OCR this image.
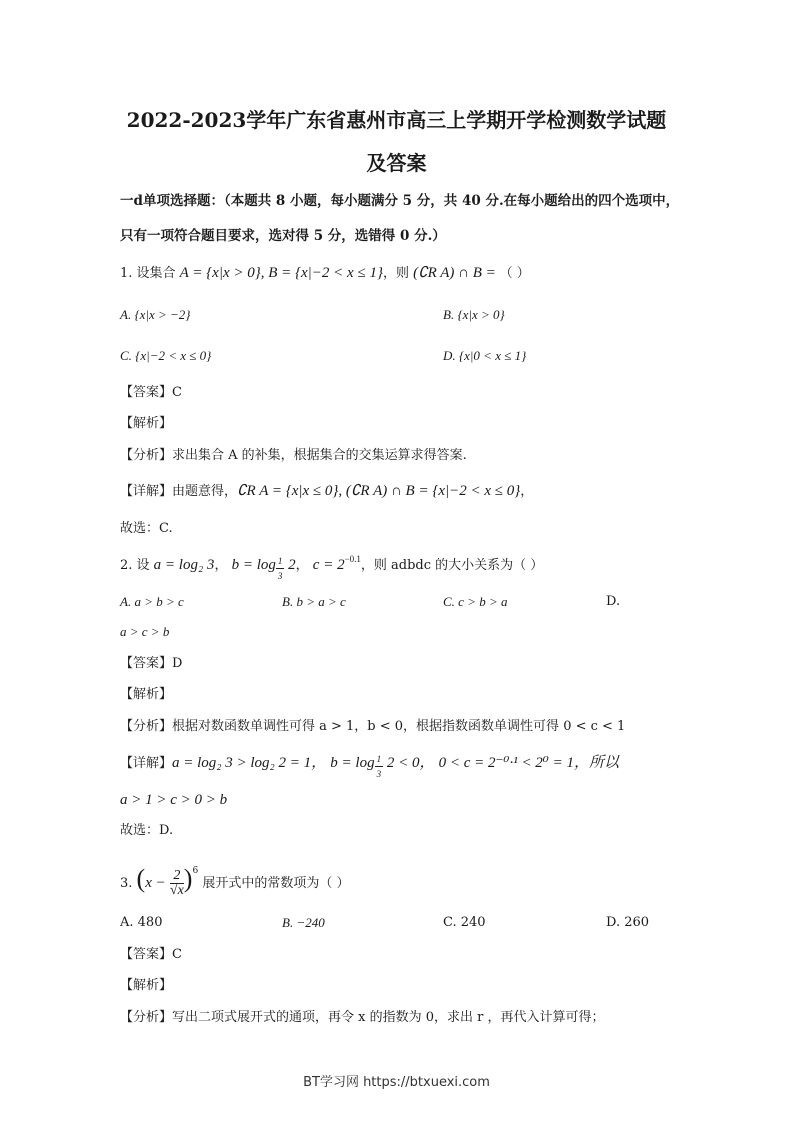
2022-2023学年广东省惠州市高三上学期开学检测数学试题
及答案
一d单项选择题：（本题共 8 小题，每小题满分 5 分，共 40 分.在每小题给出的四个选项中，
只有一项符合题目要求，选对得 5 分，选错得 0 分.）
1. 设集合 A = {x|x > 0}, B = {x|−2 < x ≤ 1}，则 (∁R A) ∩ B = （ ）
A. {x|x > −2}	B. {x|x > 0}
C. {x|−2 < x ≤ 0}	D. {x|0 < x ≤ 1}
【答案】C
【解析】
【分析】求出集合 A 的补集，根据集合的交集运算求得答案.
【详解】由题意得，∁R A = {x|x ≤ 0}, (∁R A) ∩ B = {x|−2 < x ≤ 0}，
故选：C.
2. 设 a = log₂ 3， $b = \log \frac{1}{3} 2$， $c = 2^{-0.1}$，则 adbdc 的大小关系为（ ）
A. a > b > c	B. b > a > c	C. c > b > a	D.
a > c > b
【答案】D
【解析】
【分析】根据对数函数单调性可得 a > 1，b < 0，根据指数函数单调性可得 0 < c < 1
【详解】a = log₂ 3 > log₂ 2 = 1， $b = \log \frac{1}{3} 2 < 0$， 0 < c = 2⁻⁰·¹ < 2⁰ = 1，所以
a > 1 > c > 0 > b
故选：D.
3. $(x - \frac{2}{√x} )^6$ 展开式中的常数项为（ ）
A. 480	B. −240	C. 240	D. 260
【答案】C
【解析】
【分析】写出二项式展开式的通项，再令 x 的指数为 0，求出 r ，再代入计算可得；
BT学习网 https://btxuexi.com
